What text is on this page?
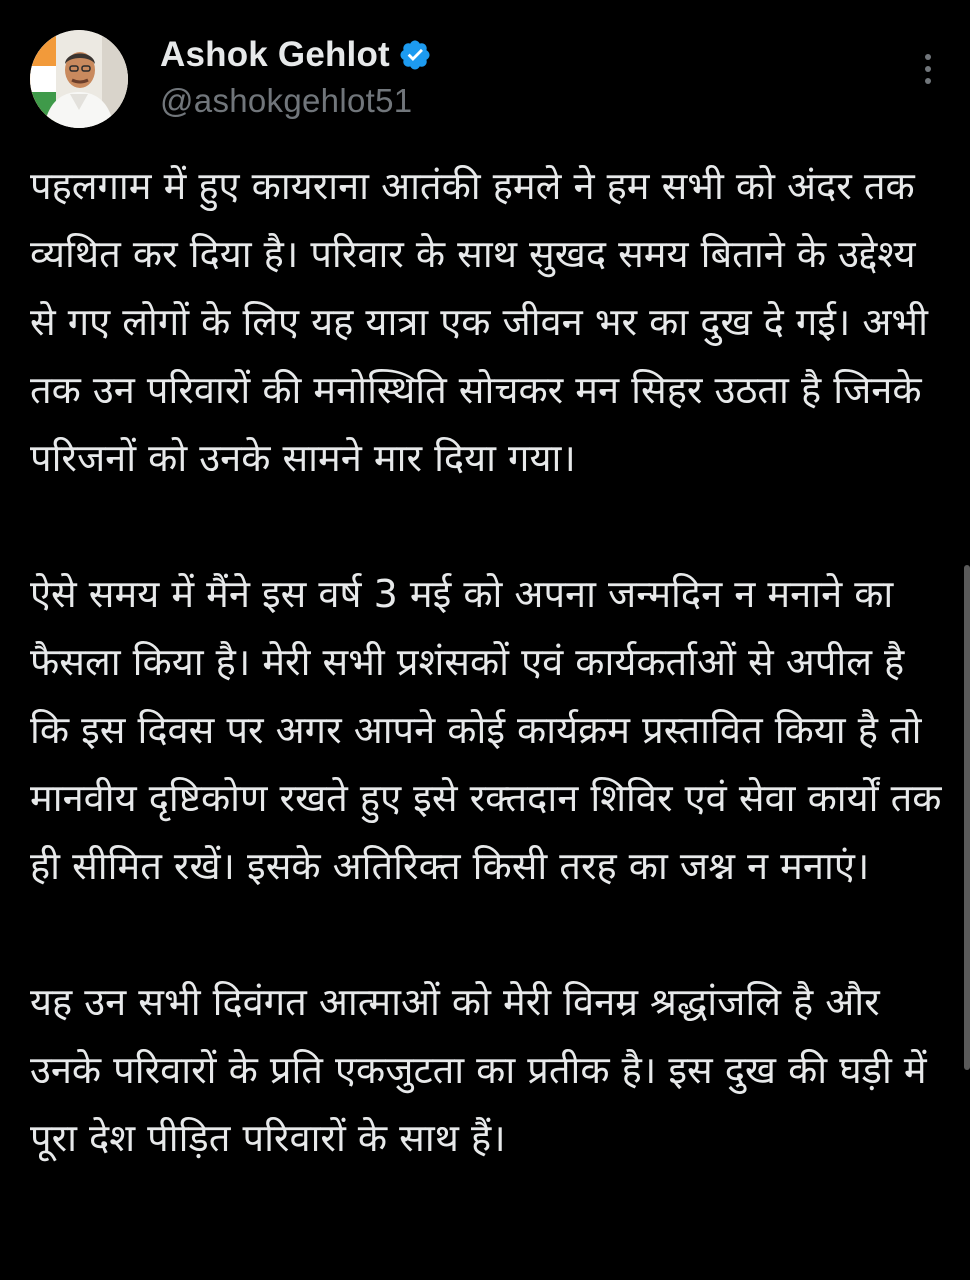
Ashok Gehlot
@ashokgehlot51

पहलगाम में हुए कायराना आतंकी हमले ने हम सभी को अंदर तक व्यथित कर दिया है। परिवार के साथ सुखद समय बिताने के उद्देश्य से गए लोगों के लिए यह यात्रा एक जीवन भर का दुख दे गई। अभी तक उन परिवारों की मनोस्थिति सोचकर मन सिहर उठता है जिनके परिजनों को उनके सामने मार दिया गया।

ऐसे समय में मैंने इस वर्ष 3 मई को अपना जन्मदिन न मनाने का फैसला किया है। मेरी सभी प्रशंसकों एवं कार्यकर्ताओं से अपील है कि इस दिवस पर अगर आपने कोई कार्यक्रम प्रस्तावित किया है तो मानवीय दृष्टिकोण रखते हुए इसे रक्तदान शिविर एवं सेवा कार्यों तक ही सीमित रखें। इसके अतिरिक्त किसी तरह का जश्न न मनाएं।

यह उन सभी दिवंगत आत्माओं को मेरी विनम्र श्रद्धांजलि है और उनके परिवारों के प्रति एकजुटता का प्रतीक है। इस दुख की घड़ी में पूरा देश पीड़ित परिवारों के साथ हैं।
